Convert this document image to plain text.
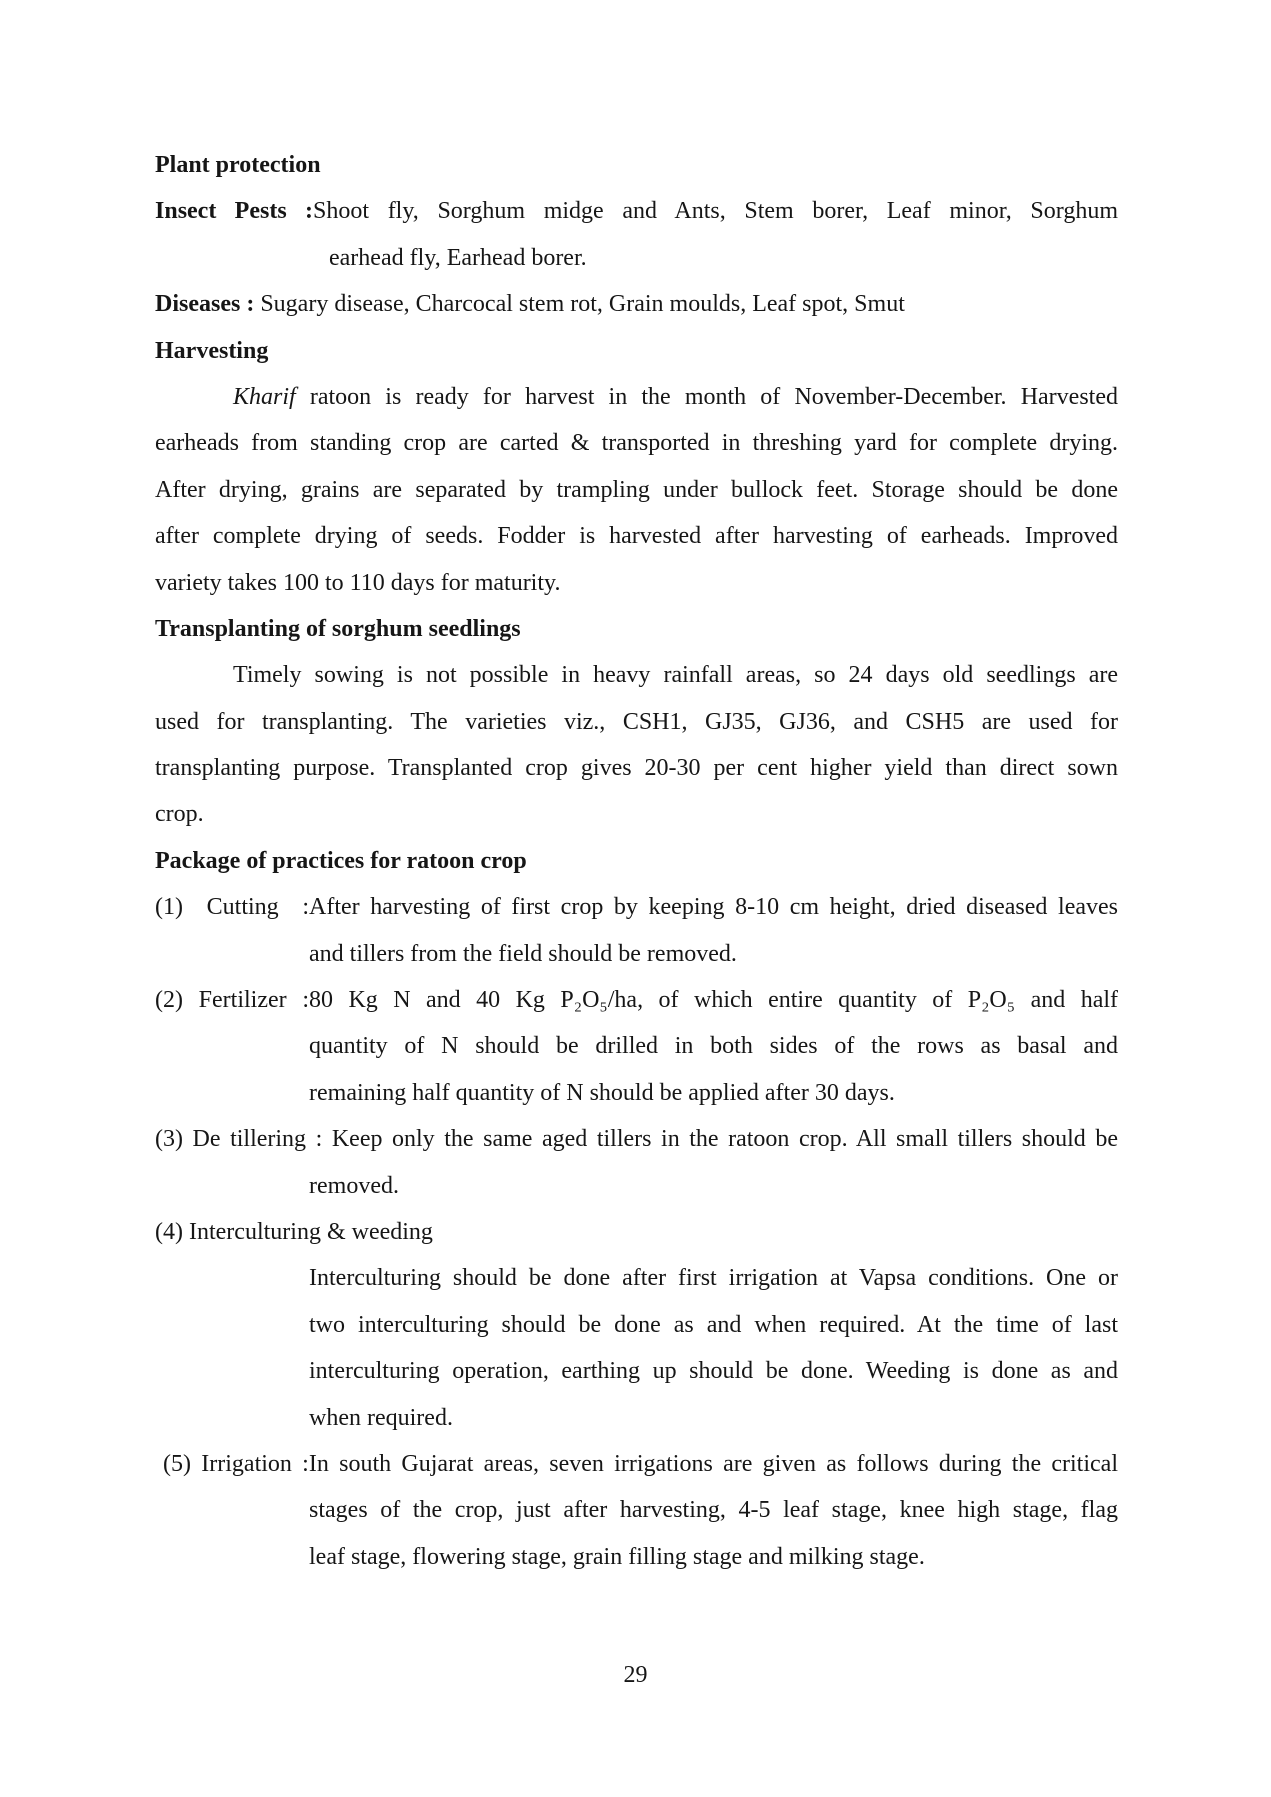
Plant protection
Insect Pests :Shoot fly, Sorghum midge and Ants, Stem borer, Leaf minor, Sorghum
earhead fly, Earhead borer.
Diseases : Sugary disease, Charcocal stem rot, Grain moulds, Leaf spot, Smut
Harvesting
Kharif ratoon is ready for harvest in the month of November-December. Harvested
earheads from standing crop are carted & transported in threshing yard for complete drying.
After drying, grains are separated by trampling under bullock feet. Storage should be done
after complete drying of seeds. Fodder is harvested after harvesting of earheads. Improved
variety takes 100 to 110 days for maturity.
Transplanting of sorghum seedlings
Timely sowing is not possible in heavy rainfall areas, so 24 days old seedlings are
used for transplanting. The varieties viz., CSH1, GJ35, GJ36, and CSH5 are used for
transplanting purpose. Transplanted crop gives 20-30 per cent higher yield than direct sown
crop.
Package of practices for ratoon crop
(1) Cutting :After harvesting of first crop by keeping 8-10 cm height, dried diseased leaves
and tillers from the field should be removed.
(2) Fertilizer :80 Kg N and 40 Kg P₂O₅/ha, of which entire quantity of P₂O₅ and half
quantity of N should be drilled in both sides of the rows as basal and
remaining half quantity of N should be applied after 30 days.
(3) De tillering : Keep only the same aged tillers in the ratoon crop. All small tillers should be
removed.
(4) Interculturing & weeding
Interculturing should be done after first irrigation at Vapsa conditions. One or
two interculturing should be done as and when required. At the time of last
interculturing operation, earthing up should be done. Weeding is done as and
when required.
(5) Irrigation :In south Gujarat areas, seven irrigations are given as follows during the critical
stages of the crop, just after harvesting, 4-5 leaf stage, knee high stage, flag
leaf stage, flowering stage, grain filling stage and milking stage.
29
